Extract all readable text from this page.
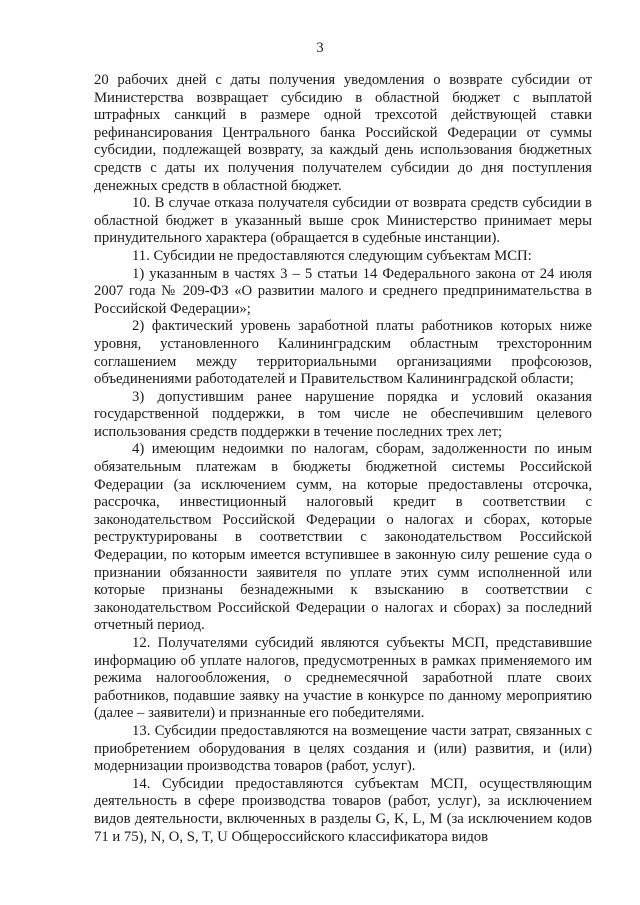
3

20 рабочих дней с даты получения уведомления о возврате субсидии от Министерства возвращает субсидию в областной бюджет с выплатой штрафных санкций в размере одной трехсотой действующей ставки рефинансирования Центрального банка Российской Федерации от суммы субсидии, подлежащей возврату, за каждый день использования бюджетных средств с даты их получения получателем субсидии до дня поступления денежных средств в областной бюджет.

10. В случае отказа получателя субсидии от возврата средств субсидии в областной бюджет в указанный выше срок Министерство принимает меры принудительного характера (обращается в судебные инстанции).

11. Субсидии не предоставляются следующим субъектам МСП:

1) указанным в частях 3 – 5 статьи 14 Федерального закона от 24 июля 2007 года № 209-ФЗ «О развитии малого и среднего предпринимательства в Российской Федерации»;

2) фактический уровень заработной платы работников которых ниже уровня, установленного Калининградским областным трехсторонним соглашением между территориальными организациями профсоюзов, объединениями работодателей и Правительством Калининградской области;

3) допустившим ранее нарушение порядка и условий оказания государственной поддержки, в том числе не обеспечившим целевого использования средств поддержки в течение последних трех лет;

4) имеющим недоимки по налогам, сборам, задолженности по иным обязательным платежам в бюджеты бюджетной системы Российской Федерации (за исключением сумм, на которые предоставлены отсрочка, рассрочка, инвестиционный налоговый кредит в соответствии с законодательством Российской Федерации о налогах и сборах, которые реструктурированы в соответствии с законодательством Российской Федерации, по которым имеется вступившее в законную силу решение суда о признании обязанности заявителя по уплате этих сумм исполненной или которые признаны безнадежными к взысканию в соответствии с законодательством Российской Федерации о налогах и сборах) за последний отчетный период.

12. Получателями субсидий являются субъекты МСП, представившие информацию об уплате налогов, предусмотренных в рамках применяемого им режима налогообложения, о среднемесячной заработной плате своих работников, подавшие заявку на участие в конкурсе по данному мероприятию (далее – заявители) и признанные его победителями.

13. Субсидии предоставляются на возмещение части затрат, связанных с приобретением оборудования в целях создания и (или) развития, и (или) модернизации производства товаров (работ, услуг).

14. Субсидии предоставляются субъектам МСП, осуществляющим деятельность в сфере производства товаров (работ, услуг), за исключением видов деятельности, включенных в разделы G, K, L, M (за исключением кодов 71 и 75), N, O, S, T, U Общероссийского классификатора видов
